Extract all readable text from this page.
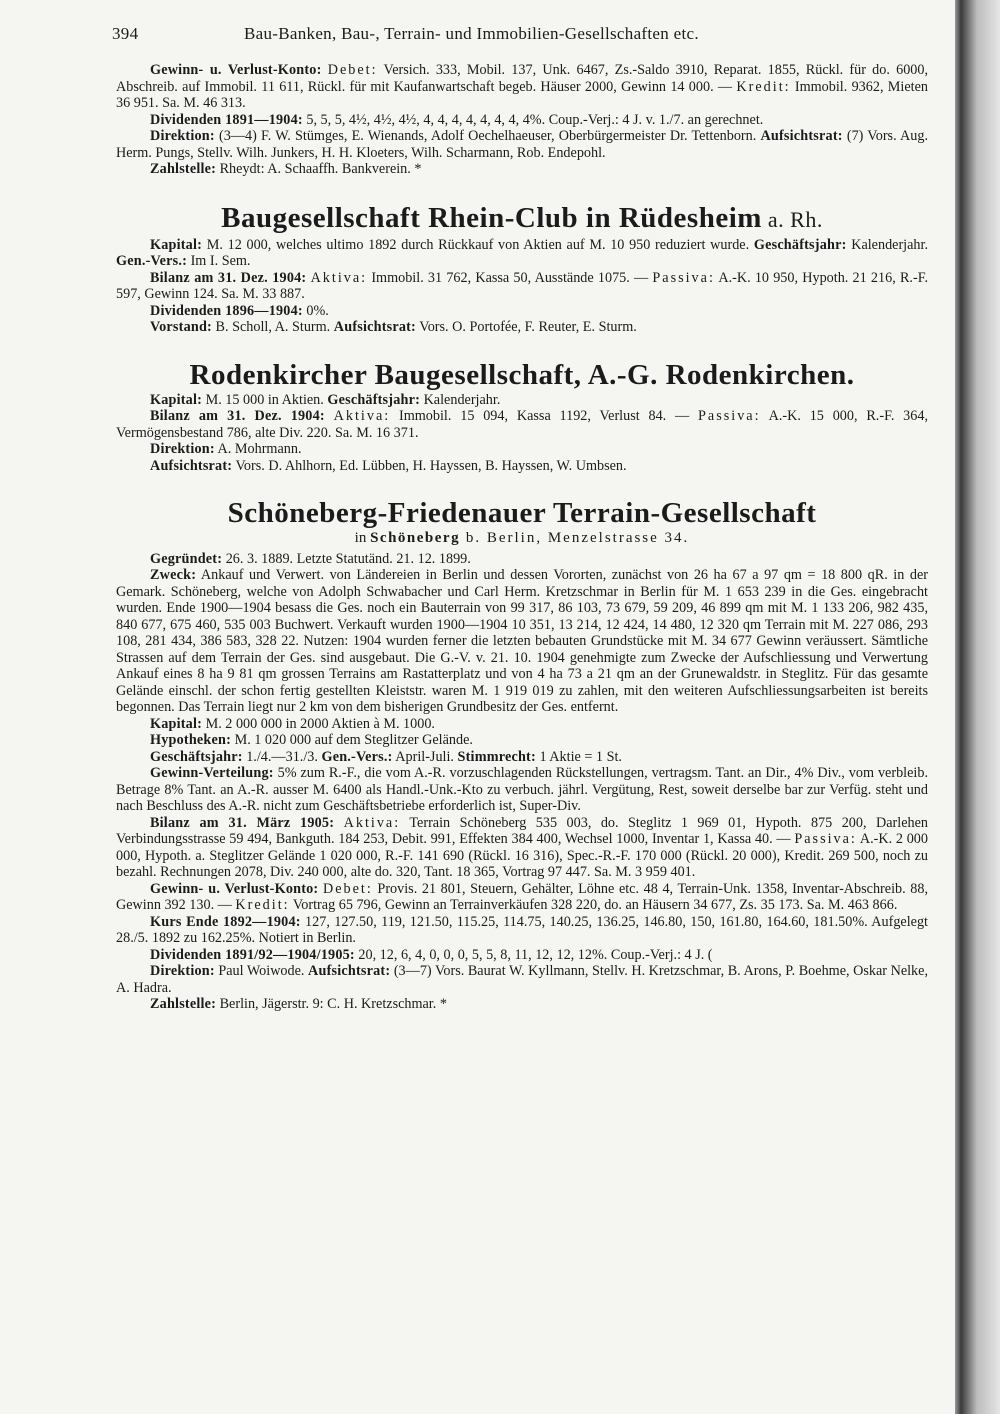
394	Bau-Banken, Bau-, Terrain- und Immobilien-Gesellschaften etc.

Gewinn- u. Verlust-Konto: Debet: Versich. 333, Mobil. 137, Unk. 6467, Zs.-Saldo 3910, Reparat. 1855, Rückl. für do. 6000, Abschreib. auf Immobil. 11 611, Rückl. für mit Kaufanwartschaft begeb. Häuser 2000, Gewinn 14 000. — Kredit: Immobil. 9362, Mieten 36 951. Sa. M. 46 313.

Dividenden 1891—1904: 5, 5, 5, 4½, 4½, 4½, 4, 4, 4, 4, 4, 4, 4, 4%. Coup.-Verj.: 4 J. v. 1./7. an gerechnet.

Direktion: (3—4) F. W. Stümges, E. Wienands, Adolf Oechelhaeuser, Oberbürgermeister Dr. Tettenborn. Aufsichtsrat: (7) Vors. Aug. Herm. Pungs, Stellv. Wilh. Junkers, H. H. Kloeters, Wilh. Scharmann, Rob. Endepohl.

Zahlstelle: Rheydt: A. Schaaffh. Bankverein. *

Baugesellschaft Rhein-Club in Rüdesheim a. Rh.

Kapital: M. 12 000, welches ultimo 1892 durch Rückkauf von Aktien auf M. 10 950 reduziert wurde. Geschäftsjahr: Kalenderjahr. Gen.-Vers.: Im I. Sem.

Bilanz am 31. Dez. 1904: Aktiva: Immobil. 31 762, Kassa 50, Ausstände 1075. — Passiva: A.-K. 10 950, Hypoth. 21 216, R.-F. 597, Gewinn 124. Sa. M. 33 887.

Dividenden 1896—1904: 0%.

Vorstand: B. Scholl, A. Sturm. Aufsichtsrat: Vors. O. Portofée, F. Reuter, E. Sturm.

Rodenkircher Baugesellschaft, A.-G. Rodenkirchen.

Kapital: M. 15 000 in Aktien. Geschäftsjahr: Kalenderjahr.

Bilanz am 31. Dez. 1904: Aktiva: Immobil. 15 094, Kassa 1192, Verlust 84. — Passiva: A.-K. 15 000, R.-F. 364, Vermögensbestand 786, alte Div. 220. Sa. M. 16 371.

Direktion: A. Mohrmann.

Aufsichtsrat: Vors. D. Ahlhorn, Ed. Lübben, H. Hayssen, B. Hayssen, W. Umbsen.

Schöneberg-Friedenauer Terrain-Gesellschaft

in Schöneberg b. Berlin, Menzelstrasse 34.

Gegründet: 26. 3. 1889. Letzte Statutänd. 21. 12. 1899.

Zweck: Ankauf und Verwert. von Ländereien in Berlin und dessen Vororten, zunächst von 26 ha 67 a 97 qm = 18 800 qR. in der Gemark. Schöneberg, welche von Adolph Schwabacher und Carl Herm. Kretzschmar in Berlin für M. 1 653 239 in die Ges. eingebracht wurden. Ende 1900—1904 besass die Ges. noch ein Bauterrain von 99 317, 86 103, 73 679, 59 209, 46 899 qm mit M. 1 133 206, 982 435, 840 677, 675 460, 535 003 Buchwert. Verkauft wurden 1900—1904 10 351, 13 214, 12 424, 14 480, 12 320 qm Terrain mit M. 227 086, 293 108, 281 434, 386 583, 328 22. Nutzen: 1904 wurden ferner die letzten bebauten Grundstücke mit M. 34 677 Gewinn veräussert. Sämtliche Strassen auf dem Terrain der Ges. sind ausgebaut. Die G.-V. v. 21. 10. 1904 genehmigte zum Zwecke der Aufschliessung und Verwertung Ankauf eines 8 ha 9 81 qm grossen Terrains am Rastatterplatz und von 4 ha 73 a 21 qm an der Grunewaldstr. in Steglitz. Für das gesamte Gelände einschl. der schon fertig gestellten Kleiststr. waren M. 1 919 019 zu zahlen, mit den weiteren Aufschliessungsarbeiten ist bereits begonnen. Das Terrain liegt nur 2 km von dem bisherigen Grundbesitz der Ges. entfernt.

Kapital: M. 2 000 000 in 2000 Aktien à M. 1000.

Hypotheken: M. 1 020 000 auf dem Steglitzer Gelände.

Geschäftsjahr: 1./4.—31./3. Gen.-Vers.: April-Juli. Stimmrecht: 1 Aktie = 1 St.

Gewinn-Verteilung: 5% zum R.-F., die vom A.-R. vorzuschlagenden Rückstellungen, vertragsm. Tant. an Dir., 4% Div., vom verbleib. Betrage 8% Tant. an A.-R. ausser M. 6400 als Handl.-Unk.-Kto zu verbuch. jährl. Vergütung, Rest, soweit derselbe bar zur Verfüg. steht und nach Beschluss des A.-R. nicht zum Geschäftsbetriebe erforderlich ist, Super-Div.

Bilanz am 31. März 1905: Aktiva: Terrain Schöneberg 535 003, do. Steglitz 1 969 01, Hypoth. 875 200, Darlehen Verbindungsstrasse 59 494, Bankguth. 184 253, Debit. 991, Effekten 384 400, Wechsel 1000, Inventar 1, Kassa 40. — Passiva: A.-K. 2 000 000, Hypoth. a. Steglitzer Gelände 1 020 000, R.-F. 141 690 (Rückl. 16 316), Spec.-R.-F. 170 000 (Rückl. 20 000), Kredit. 269 500, noch zu bezahl. Rechnungen 2078, Div. 240 000, alte do. 320, Tant. 18 365, Vortrag 97 447. Sa. M. 3 959 401.

Gewinn- u. Verlust-Konto: Debet: Provis. 21 801, Steuern, Gehälter, Löhne etc. 48 4, Terrain-Unk. 1358, Inventar-Abschreib. 88, Gewinn 392 130. — Kredit: Vortrag 65 796, Gewinn an Terrainverkäufen 328 220, do. an Häusern 34 677, Zs. 35 173. Sa. M. 463 866.

Kurs Ende 1892—1904: 127, 127.50, 119, 121.50, 115.25, 114.75, 140.25, 136.25, 146.80, 150, 161.80, 164.60, 181.50%. Aufgelegt 28./5. 1892 zu 162.25%. Notiert in Berlin.

Dividenden 1891/92—1904/1905: 20, 12, 6, 4, 0, 0, 0, 5, 5, 8, 11, 12, 12, 12%. Coup.-Verj.: 4 J. (

Direktion: Paul Woiwode. Aufsichtsrat: (3—7) Vors. Baurat W. Kyllmann, Stellv. H. Kretzschmar, B. Arons, P. Boehme, Oskar Nelke, A. Hadra.

Zahlstelle: Berlin, Jägerstr. 9: C. H. Kretzschmar. *
